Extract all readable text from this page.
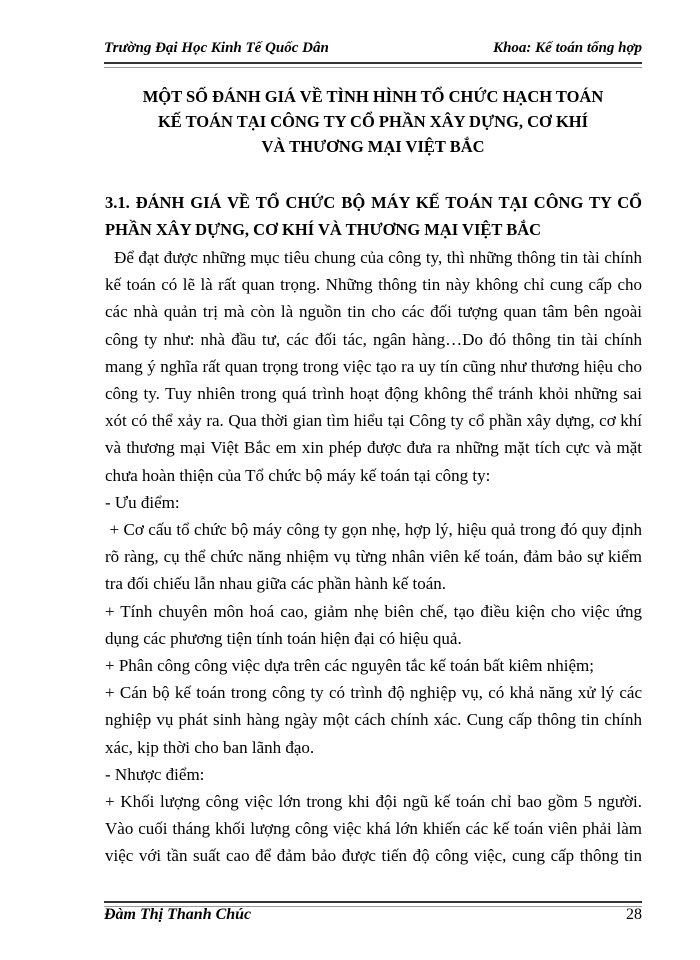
Trường Đại Học Kinh Tế Quốc Dân	Khoa: Kế toán tổng hợp
MỘT SỐ ĐÁNH GIÁ VỀ TÌNH HÌNH TỔ CHỨC HẠCH TOÁN
KẾ TOÁN TẠI CÔNG TY CỔ PHẦN XÂY DỰNG, CƠ KHÍ
VÀ THƯƠNG MẠI VIỆT BẮC
3.1. ĐÁNH GIÁ VỀ TỔ CHỨC BỘ MÁY KẾ TOÁN TẠI CÔNG TY CỔ
PHẦN XÂY DỰNG, CƠ KHÍ VÀ THƯƠNG MẠI VIỆT BẮC
Để đạt được những mục tiêu chung của công ty, thì những thông tin tài chính
kế toán có lẽ là rất quan trọng. Những thông tin này không chỉ cung cấp cho
các nhà quản trị mà còn là nguồn tin cho các đối tượng quan tâm bên ngoài
công ty như: nhà đầu tư, các đối tác, ngân hàng…Do đó thông tin tài chính
mang ý nghĩa rất quan trọng trong việc tạo ra uy tín cũng như thương hiệu cho
công ty. Tuy nhiên trong quá trình hoạt động không thể tránh khỏi những sai
xót có thể xảy ra. Qua thời gian tìm hiểu tại Công ty cổ phần xây dựng, cơ khí
và thương mại Việt Bắc em xin phép được đưa ra những mặt tích cực và mặt
chưa hoàn thiện của Tổ chức bộ máy kế toán tại công ty:
- Ưu điểm:
+ Cơ cấu tổ chức bộ máy công ty gọn nhẹ, hợp lý, hiệu quả trong đó quy định
rõ ràng, cụ thể chức năng nhiệm vụ từng nhân viên kế toán, đảm bảo sự kiểm
tra đối chiếu lẫn nhau giữa các phần hành kế toán.
+ Tính chuyên môn hoá cao, giảm nhẹ biên chế, tạo điều kiện cho việc ứng
dụng các phương tiện tính toán hiện đại có hiệu quả.
+ Phân công công việc dựa trên các nguyên tắc kế toán bất kiêm nhiệm;
+ Cán bộ kế toán trong công ty có trình độ nghiệp vụ, có khả năng xử lý các
nghiệp vụ phát sinh hàng ngày một cách chính xác. Cung cấp thông tin chính
xác, kịp thời cho ban lãnh đạo.
- Nhược điểm:
+ Khối lượng công việc lớn trong khi đội ngũ kế toán chỉ bao gồm 5 người.
Vào cuối tháng khối lượng công việc khá lớn khiến các kế toán viên phải làm
việc với tần suất cao để đảm bảo được tiến độ công việc, cung cấp thông tin
Đàm Thị Thanh Chúc	28
